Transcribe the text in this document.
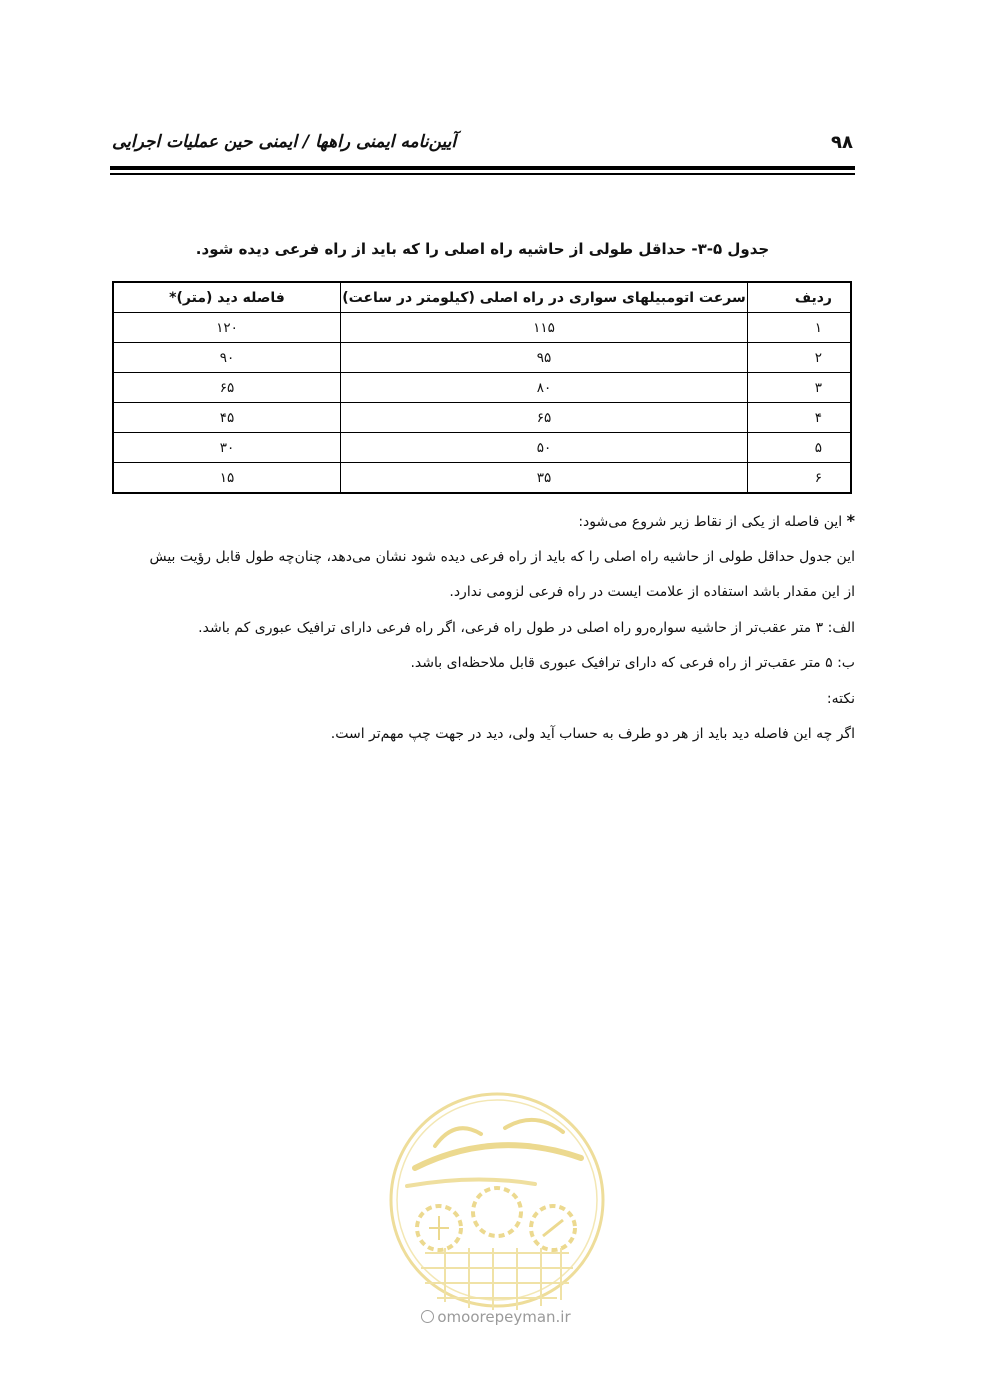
۹۸
آیین‌نامه ایمنی راهها / ایمنی حین عملیات اجرایی
جدول ۵-۳- حداقل طولی از حاشیه راه اصلی را که باید از راه فرعی دیده شود.
ردیف	سرعت اتومبیلهای سواری در راه اصلی (کیلومتر در ساعت)	فاصله دید (متر)*
۱	۱۱۵	۱۲۰
۲	۹۵	۹۰
۳	۸۰	۶۵
۴	۶۵	۴۵
۵	۵۰	۳۰
۶	۳۵	۱۵

* این فاصله از یکی از نقاط زیر شروع می‌شود:

این جدول حداقل طولی از حاشیه راه اصلی را که باید از راه فرعی دیده شود نشان می‌دهد، چنان‌چه طول قابل رؤیت بیش

از این مقدار باشد استفاده از علامت ایست در راه فرعی لزومی ندارد.

الف: ۳ متر عقب‌تر از حاشیه سواره‌رو راه اصلی در طول راه فرعی، اگر راه فرعی دارای ترافیک عبوری کم باشد.

ب: ۵ متر عقب‌تر از راه فرعی که دارای ترافیک عبوری قابل ملاحظه‌ای باشد.

نکته:

اگر چه این فاصله دید باید از هر دو طرف به حساب آید ولی، دید در جهت چپ مهم‌تر است.

omoorepeyman.ir
